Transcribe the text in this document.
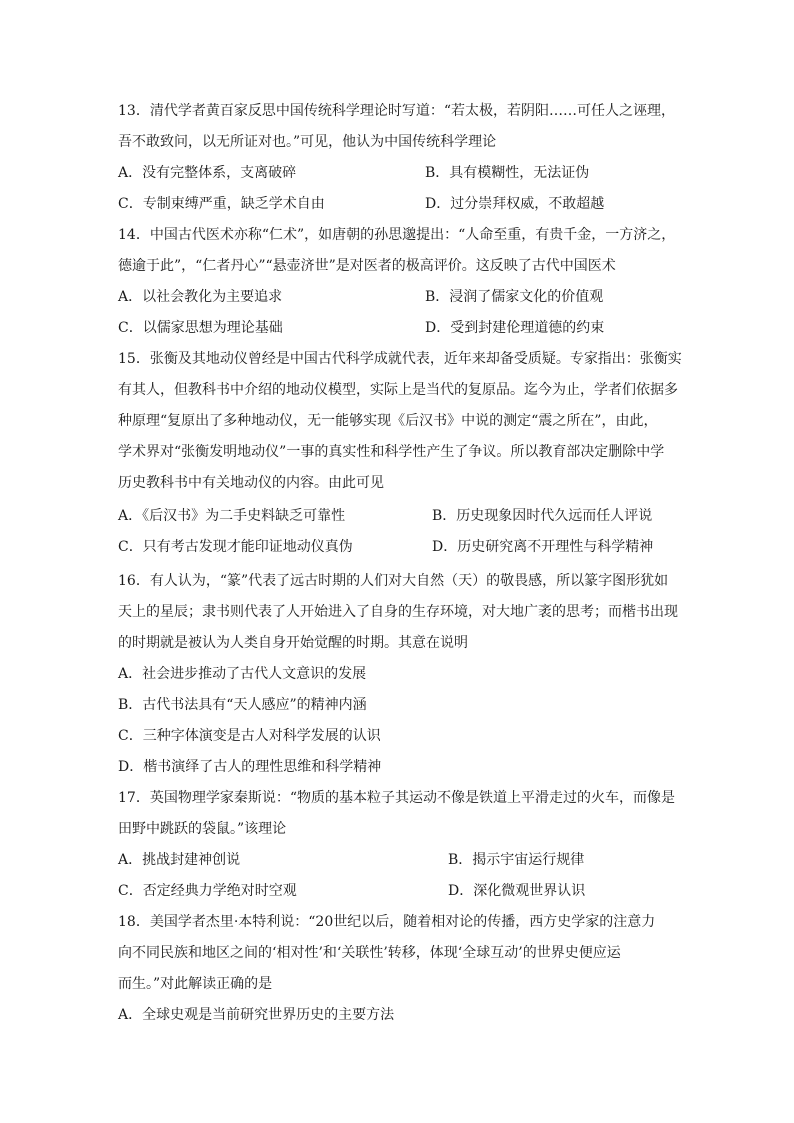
13．清代学者黄百家反思中国传统科学理论时写道：“若太极，若阴阳……可任人之诬理，

吾不敢致问，以无所证对也。”可见，他认为中国传统科学理论

A．没有完整体系，支离破碎	B．具有模糊性，无法证伪
C．专制束缚严重，缺乏学术自由	D．过分崇拜权威，不敢超越

14．中国古代医术亦称“仁术”，如唐朝的孙思邈提出：“人命至重，有贵千金，一方济之，

德逾于此”，“仁者丹心”“悬壶济世”是对医者的极高评价。这反映了古代中国医术

A．以社会教化为主要追求	B．浸润了儒家文化的价值观
C．以儒家思想为理论基础	D．受到封建伦理道德的约束

15．张衡及其地动仪曾经是中国古代科学成就代表，近年来却备受质疑。专家指出：张衡实

有其人，但教科书中介绍的地动仪模型，实际上是当代的复原品。迄今为止，学者们依据多

种原理“复原出了多种地动仪，无一能够实现《后汉书》中说的测定“震之所在”，由此，

学术界对“张衡发明地动仪”一事的真实性和科学性产生了争议。所以教育部决定删除中学

历史教科书中有关地动仪的内容。由此可见

A．《后汉书》为二手史料缺乏可靠性	B．历史现象因时代久远而任人评说
C．只有考古发现才能印证地动仪真伪	D．历史研究离不开理性与科学精神

16．有人认为，“篆”代表了远古时期的人们对大自然（天）的敬畏感，所以篆字图形犹如

天上的星辰；隶书则代表了人开始进入了自身的生存环境，对大地广袤的思考；而楷书出现

的时期就是被认为人类自身开始觉醒的时期。其意在说明

A．社会进步推动了古代人文意识的发展
B．古代书法具有“天人感应”的精神内涵
C．三种字体演变是古人对科学发展的认识
D．楷书演绎了古人的理性思维和科学精神

17．英国物理学家秦斯说：“物质的基本粒子其运动不像是铁道上平滑走过的火车，而像是

田野中跳跃的袋鼠。”该理论

A．挑战封建神创说	B．揭示宇宙运行规律
C．否定经典力学绝对时空观	D．深化微观世界认识

18．美国学者杰里·本特利说：“20世纪以后，随着相对论的传播，西方史学家的注意力

向不同民族和地区之间的‘相对性’和‘关联性’转移，体现‘全球互动’的世界史便应运

而生。”对此解读正确的是

A．全球史观是当前研究世界历史的主要方法
